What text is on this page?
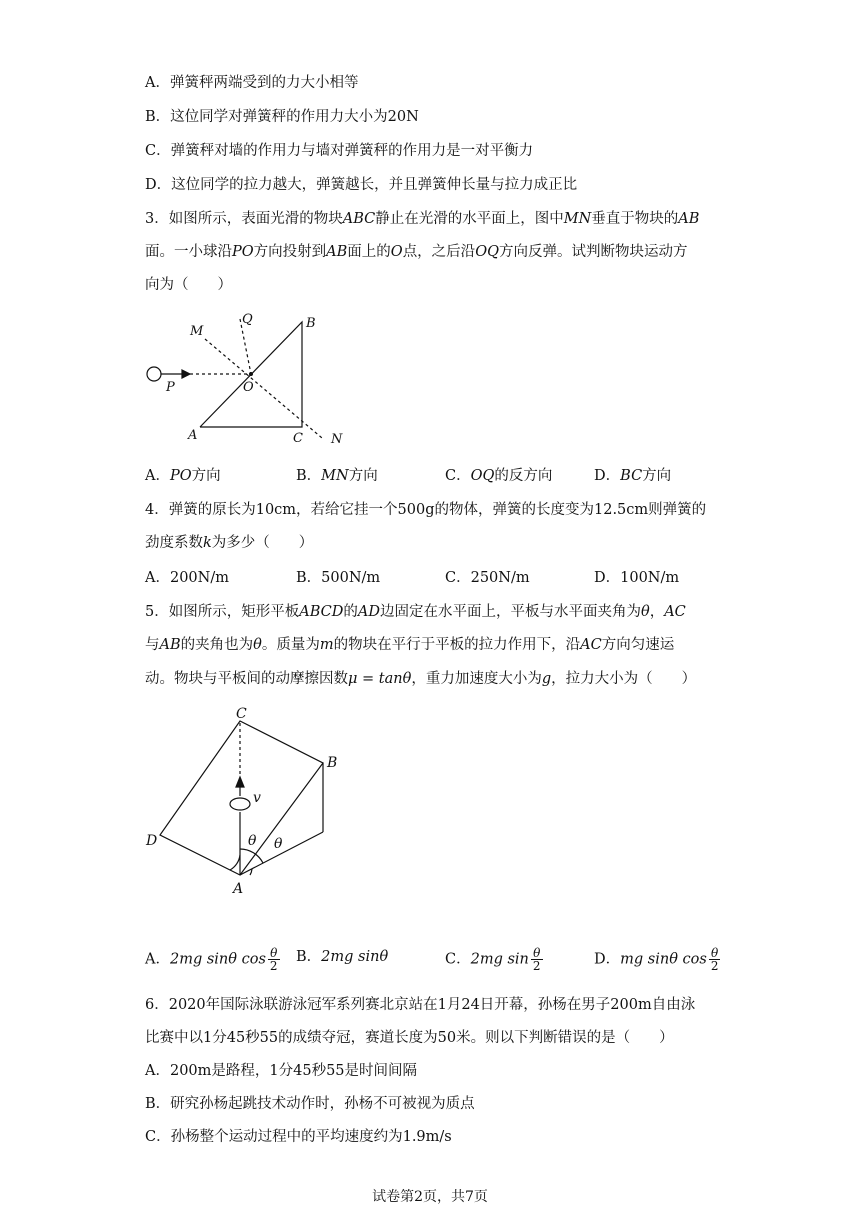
A．弹簧秤两端受到的力大小相等
B．这位同学对弹簧秤的作用力大小为20N
C．弹簧秤对墙的作用力与墙对弹簧秤的作用力是一对平衡力
D．这位同学的拉力越大，弹簧越长，并且弹簧伸长量与拉力成正比
3．如图所示，表面光滑的物块ABC静止在光滑的水平面上，图中MN垂直于物块的AB
面。一小球沿PO方向投射到AB面上的O点，之后沿OQ方向反弹。试判断物块运动方
向为（　　）
M
Q	B
P	O
A	C N
A．PO方向	B．MN方向	C．OQ的反方向	D．BC方向
4．弹簧的原长为10cm，若给它挂一个500g的物体，弹簧的长度变为12.5cm则弹簧的
劲度系数k为多少（　　）
A．200N/m	B．500N/m	C．250N/m	D．100N/m
5．如图所示，矩形平板ABCD的AD边固定在水平面上，平板与水平面夹角为θ，AC
与AB的夹角也为θ。质量为m的物块在平行于平板的拉力作用下，沿AC方向匀速运
动。物块与平板间的动摩擦因数μ = tanθ，重力加速度大小为g，拉力大小为（　　）
C
B
D
A
v
θ θ
A．2mg sinθ $\cos \frac{\theta}{2}$ B．2mg sinθ	C．2mg $\sin \frac{\theta}{2}$	D．mg sinθ $\cos \frac{\theta}{2}$
6．2020年国际泳联游泳冠军系列赛北京站在1月24日开幕，孙杨在男子200m自由泳
比赛中以1分45秒55的成绩夺冠，赛道长度为50米。则以下判断错误的是（　　）
A．200m是路程，1分45秒55是时间间隔
B．研究孙杨起跳技术动作时，孙杨不可被视为质点
C．孙杨整个运动过程中的平均速度约为1.9m/s
试卷第2页，共7页
